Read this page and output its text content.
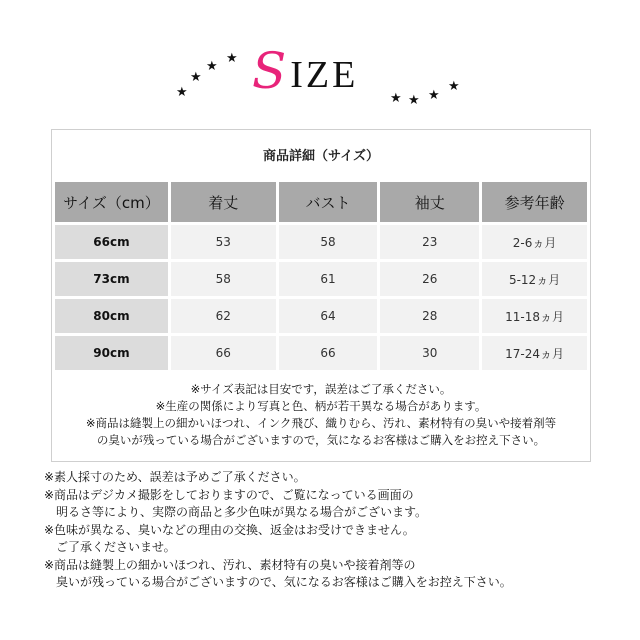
★
★
★
★ S IZE
★ ★ ★
★
商品詳細（サイズ）
サイズ（cm）	着丈	バスト	袖丈	参考年齢
66cm	53	58	23	2-6ヵ月
73cm	58	61	26	5-12ヵ月
80cm	62	64	28	11-18ヵ月
90cm	66	66	30	17-24ヵ月
※サイズ表記は目安です，誤差はご了承ください。
※生産の関係により写真と色、柄が若干異なる場合があります。
※商品は縫製上の細かいほつれ、インク飛び、織りむら、汚れ、素材特有の臭いや接着剤等
の臭いが残っている場合がございますので，気になるお客様はご購入をお控え下さい。
※素人採寸のため、誤差は予めご了承ください。
※商品はデジカメ撮影をしておりますので、ご覧になっている画面の
　明るさ等により、実際の商品と多少色味が異なる場合がございます。
※色味が異なる、臭いなどの理由の交換、返金はお受けできません。
　ご了承くださいませ。
※商品は縫製上の細かいほつれ、汚れ、素材特有の臭いや接着剤等の
　臭いが残っている場合がございますので、気になるお客様はご購入をお控え下さい。
